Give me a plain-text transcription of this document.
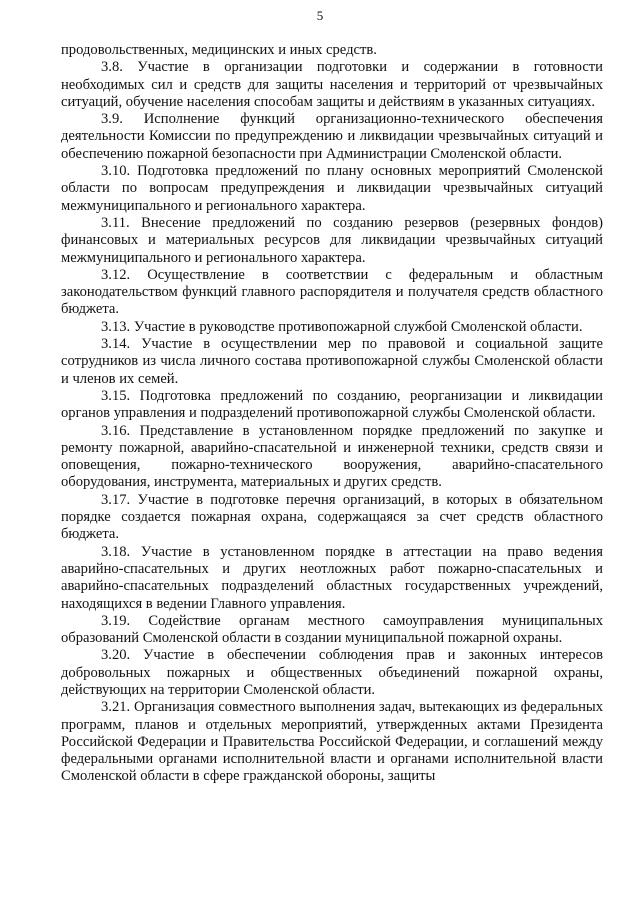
5

продовольственных, медицинских и иных средств.

3.8. Участие в организации подготовки и содержании в готовности необходимых сил и средств для защиты населения и территорий от чрезвычайных ситуаций, обучение населения способам защиты и действиям в указанных ситуациях.

3.9. Исполнение функций организационно-технического обеспечения деятельности Комиссии по предупреждению и ликвидации чрезвычайных ситуаций и обеспечению пожарной безопасности при Администрации Смоленской области.

3.10. Подготовка предложений по плану основных мероприятий Смоленской области по вопросам предупреждения и ликвидации чрезвычайных ситуаций межмуниципального и регионального характера.

3.11. Внесение предложений по созданию резервов (резервных фондов) финансовых и материальных ресурсов для ликвидации чрезвычайных ситуаций межмуниципального и регионального характера.

3.12. Осуществление в соответствии с федеральным и областным законодательством функций главного распорядителя и получателя средств областного бюджета.

3.13. Участие в руководстве противопожарной службой Смоленской области.

3.14. Участие в осуществлении мер по правовой и социальной защите сотрудников из числа личного состава противопожарной службы Смоленской области и членов их семей.

3.15. Подготовка предложений по созданию, реорганизации и ликвидации органов управления и подразделений противопожарной службы Смоленской области.

3.16. Представление в установленном порядке предложений по закупке и ремонту пожарной, аварийно-спасательной и инженерной техники, средств связи и оповещения, пожарно-технического вооружения, аварийно-спасательного оборудования, инструмента, материальных и других средств.

3.17. Участие в подготовке перечня организаций, в которых в обязательном порядке создается пожарная охрана, содержащаяся за счет средств областного бюджета.

3.18. Участие в установленном порядке в аттестации на право ведения аварийно-спасательных и других неотложных работ пожарно-спасательных и аварийно-спасательных подразделений областных государственных учреждений, находящихся в ведении Главного управления.

3.19. Содействие органам местного самоуправления муниципальных образований Смоленской области в создании муниципальной пожарной охраны.

3.20. Участие в обеспечении соблюдения прав и законных интересов добровольных пожарных и общественных объединений пожарной охраны, действующих на территории Смоленской области.

3.21. Организация совместного выполнения задач, вытекающих из федеральных программ, планов и отдельных мероприятий, утвержденных актами Президента Российской Федерации и Правительства Российской Федерации, и соглашений между федеральными органами исполнительной власти и органами исполнительной власти Смоленской области в сфере гражданской обороны, защиты
